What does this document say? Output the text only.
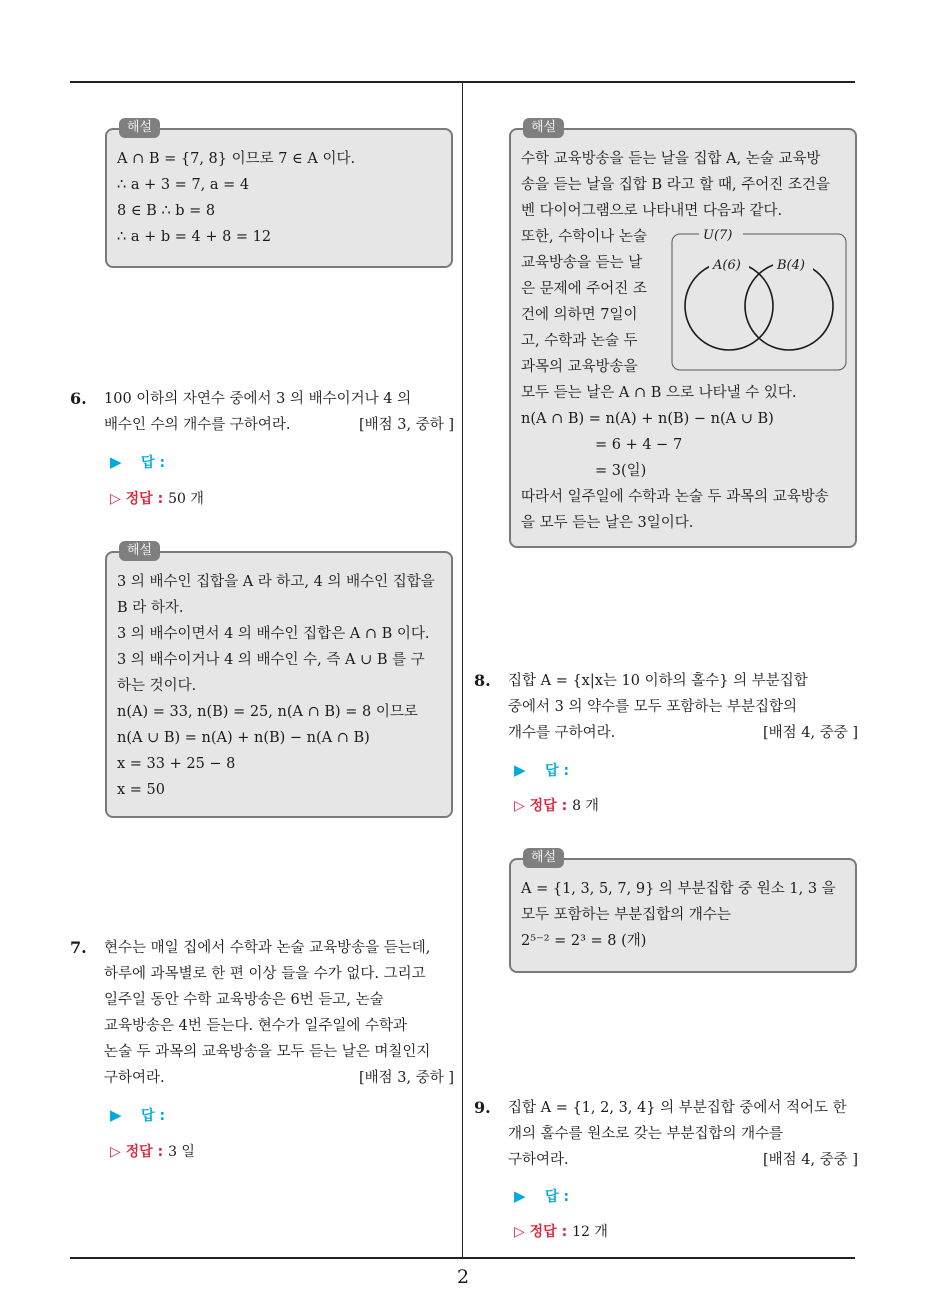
2
해설
A ∩ B = {7, 8} 이므로 7 ∈ A 이다.
∴ a + 3 = 7, a = 4
8 ∈ B ∴ b = 8
∴ a + b = 4 + 8 = 12
6. 100 이하의 자연수 중에서 3 의 배수이거나 4 의
배수인 수의 개수를 구하여라.	[배점 3, 중하 ]
▶ 답 :
▷ 정답 : 50 개
해설
3 의 배수인 집합을 A 라 하고, 4 의 배수인 집합을
B 라 하자.
3 의 배수이면서 4 의 배수인 집합은 A ∩ B 이다.
3 의 배수이거나 4 의 배수인 수, 즉 A ∪ B 를 구
하는 것이다.
n(A) = 33, n(B) = 25, n(A ∩ B) = 8 이므로
n(A ∪ B) = n(A) + n(B) − n(A ∩ B)
x = 33 + 25 − 8
x = 50
7. 현수는 매일 집에서 수학과 논술 교육방송을 듣는데,
하루에 과목별로 한 편 이상 들을 수가 없다. 그리고
일주일 동안 수학 교육방송은 6번 듣고, 논술
교육방송은 4번 듣는다. 현수가 일주일에 수학과
논술 두 과목의 교육방송을 모두 듣는 날은 며칠인지
구하여라.	[배점 3, 중하 ]
▶ 답 :
▷ 정답 : 3 일
해설
수학 교육방송을 듣는 날을 집합 A, 논술 교육방
송을 듣는 날을 집합 B 라고 할 때, 주어진 조건을
벤 다이어그램으로 나타내면 다음과 같다.
또한, 수학이나 논술
교육방송을 듣는 날
은 문제에 주어진 조
건에 의하면 7일이
고, 수학과 논술 두
과목의 교육방송을
U(7)
A(6)	B(4)
모두 듣는 날은 A ∩ B 으로 나타낼 수 있다.
n(A ∩ B) = n(A) + n(B) − n(A ∪ B)
= 6 + 4 − 7
= 3(일)
따라서 일주일에 수학과 논술 두 과목의 교육방송
을 모두 듣는 날은 3일이다.
8. 집합 A = {x|x는 10 이하의 홀수} 의 부분집합
중에서 3 의 약수를 모두 포함하는 부분집합의
개수를 구하여라.	[배점 4, 중중 ]
▶ 답 :
▷ 정답 : 8 개
해설
A = {1, 3, 5, 7, 9} 의 부분집합 중 원소 1, 3 을
모두 포함하는 부분집합의 개수는
2⁵⁻² = 2³ = 8 (개)
9. 집합 A = {1, 2, 3, 4} 의 부분집합 중에서 적어도 한
개의 홀수를 원소로 갖는 부분집합의 개수를
구하여라.	[배점 4, 중중 ]
▶ 답 :
▷ 정답 : 12 개
